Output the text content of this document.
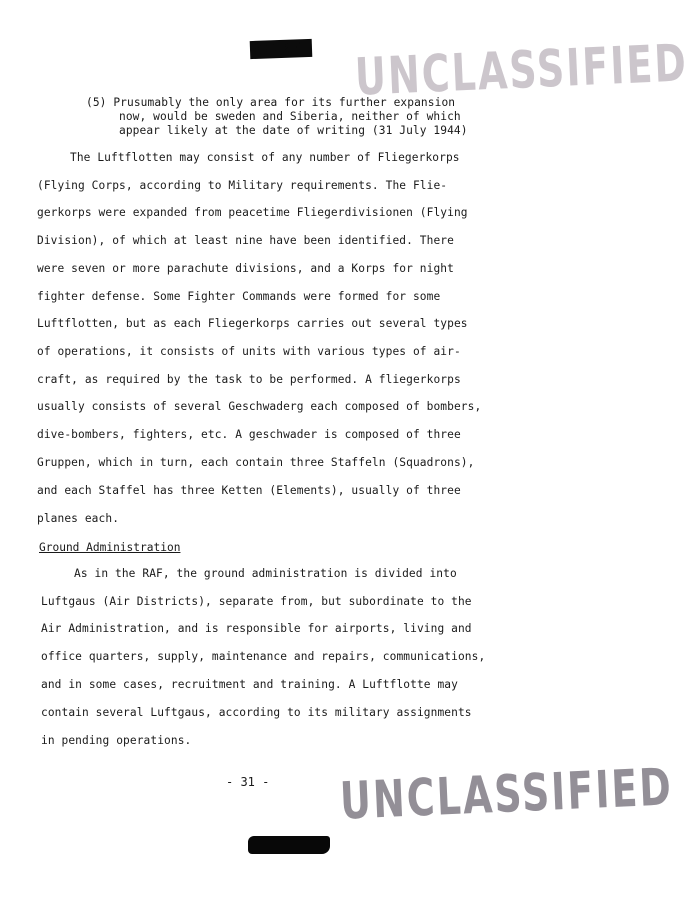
SECRET UNCLASSIFIED
(5) Prusumably the only area for its further expansion
now, would be sweden and Siberia, neither of which
appear likely at the date of writing (31 July 1944)
The Luftflotten may consist of any number of Fliegerkorps
(Flying Corps, according to Military requirements. The Flie-
gerkorps were expanded from peacetime Fliegerdivisionen (Flying
Division), of which at least nine have been identified. There
were seven or more parachute divisions, and a Korps for night
fighter defense. Some Fighter Commands were formed for some
Luftflotten, but as each Fliegerkorps carries out several types
of operations, it consists of units with various types of air-
craft, as required by the task to be performed. A fliegerkorps
usually consists of several Geschwaderg each composed of bombers,
dive-bombers, fighters, etc. A geschwader is composed of three
Gruppen, which in turn, each contain three Staffeln (Squadrons),
and each Staffel has three Ketten (Elements), usually of three
planes each.
Ground Administration
As in the RAF, the ground administration is divided into
Luftgaus (Air Districts), separate from, but subordinate to the
Air Administration, and is responsible for airports, living and
office quarters, supply, maintenance and repairs, communications,
and in some cases, recruitment and training. A Luftflotte may
contain several Luftgaus, according to its military assignments
in pending operations.
- 31 - UNCLASSIFIED
